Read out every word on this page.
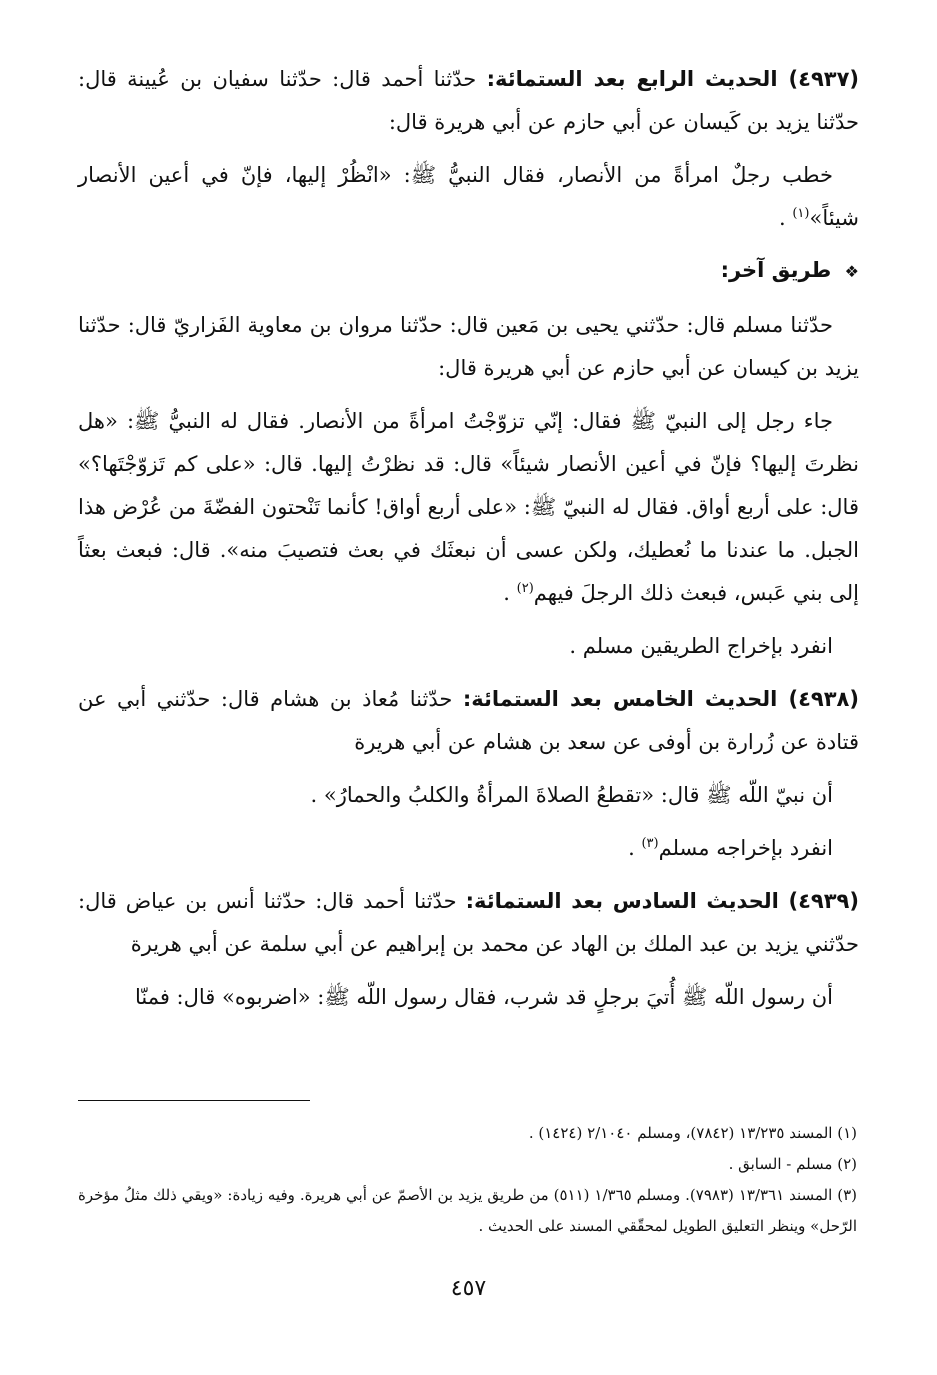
(٤٩٣٧) الحديث الرابع بعد الستمائة: حدّثنا أحمد قال: حدّثنا سفيان بن عُيينة قال: حدّثنا يزيد بن كَيسان عن أبي حازم عن أبي هريرة قال:

خطب رجلٌ امرأةً من الأنصار، فقال النبيُّ ﷺ: «انْظُرْ إليها، فإنّ في أعين الأنصار شيئاً»$^{(١)}$ .

❖ طريق آخر:

حدّثنا مسلم قال: حدّثني يحيى بن مَعين قال: حدّثنا مروان بن معاوية الفَزاريّ قال: حدّثنا يزيد بن كيسان عن أبي حازم عن أبي هريرة قال:

جاء رجل إلى النبيّ ﷺ فقال: إنّي تزوّجْتُ امرأةً من الأنصار. فقال له النبيُّ ﷺ: «هل نظرتَ إليها؟ فإنّ في أعين الأنصار شيئاً» قال: قد نظرْتُ إليها. قال: «على كم تَزوّجْتَها؟» قال: على أربع أواق. فقال له النبيّ ﷺ: «على أربع أواق! كأنما تَنْحتون الفضّةَ من عُرْض هذا الجبل. ما عندنا ما نُعطيك، ولكن عسى أن نبعثَك في بعث فتصيبَ منه». قال: فبعث بعثاً إلى بني عَبس، فبعث ذلك الرجلَ فيهم$^{(٢)}$ .

انفرد بإخراج الطريقين مسلم .

(٤٩٣٨) الحديث الخامس بعد الستمائة: حدّثنا مُعاذ بن هشام قال: حدّثني أبي عن قتادة عن زُرارة بن أوفى عن سعد بن هشام عن أبي هريرة

أن نبيّ اللّه ﷺ قال: «تقطعُ الصلاةَ المرأةُ والكلبُ والحمارُ» .

انفرد بإخراجه مسلم$^{(٣)}$ .

(٤٩٣٩) الحديث السادس بعد الستمائة: حدّثنا أحمد قال: حدّثنا أنس بن عياض قال: حدّثني يزيد بن عبد الملك بن الهاد عن محمد بن إبراهيم عن أبي سلمة عن أبي هريرة

أن رسول اللّه ﷺ أُتيَ برجلٍ قد شرب، فقال رسول اللّه ﷺ: «اضربوه» قال: فمنّا

(١) المسند ١٣/٢٣٥ (٧٨٤٢)، ومسلم ٢/١٠٤٠ (١٤٢٤) .

(٢) مسلم - السابق .

(٣) المسند ١٣/٣٦١ (٧٩٨٣). ومسلم ١/٣٦٥ (٥١١) من طريق يزيد بن الأصمّ عن أبي هريرة. وفيه زيادة: «ويقي ذلك مثلُ مؤخرة الرّحل» وينظر التعليق الطويل لمحقّقي المسند على الحديث .

٤٥٧
